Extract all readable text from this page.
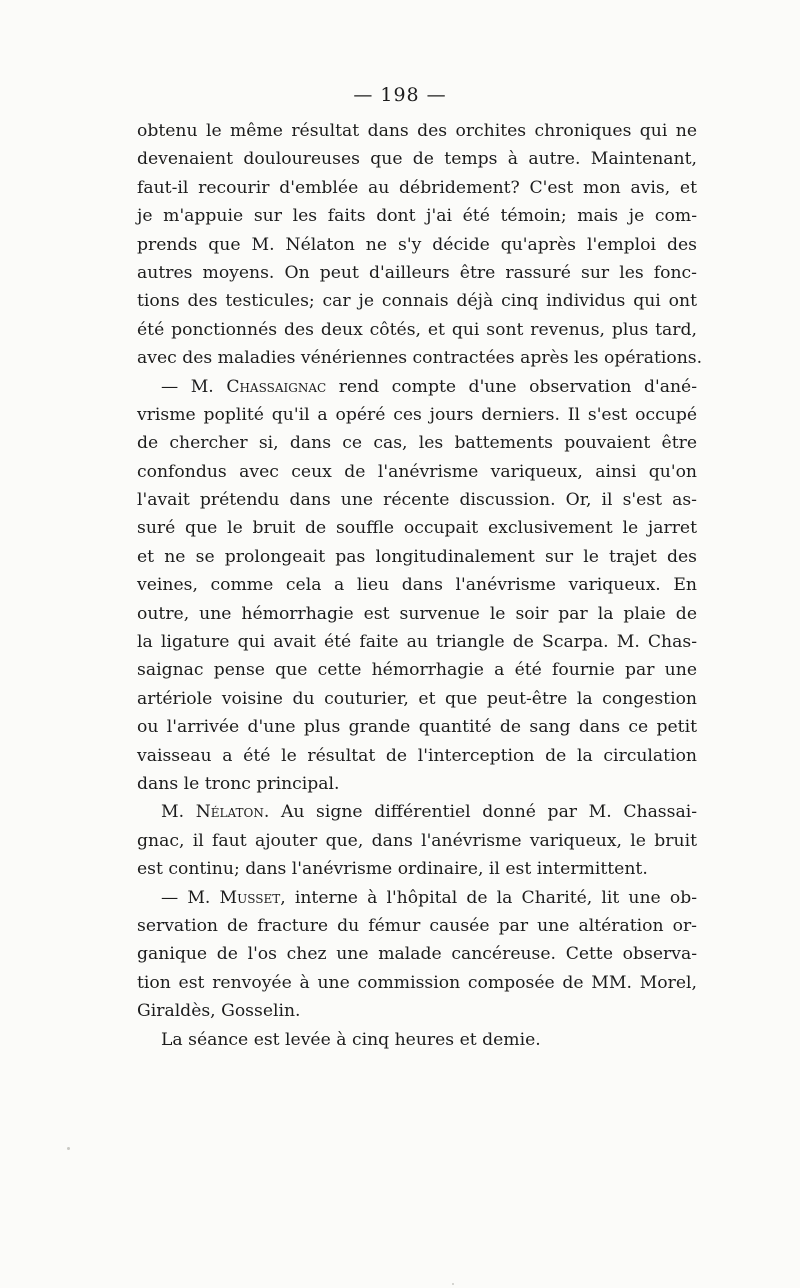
— 198 —
obtenu le même résultat dans des orchites chroniques qui ne
devenaient douloureuses que de temps à autre. Maintenant,
faut-il recourir d'emblée au débridement? C'est mon avis, et
je m'appuie sur les faits dont j'ai été témoin; mais je com-
prends que M. Nélaton ne s'y décide qu'après l'emploi des
autres moyens. On peut d'ailleurs être rassuré sur les fonc-
tions des testicules; car je connais déjà cinq individus qui ont
été ponctionnés des deux côtés, et qui sont revenus, plus tard,
avec des maladies vénériennes contractées après les opérations.
— M. Chassaignac rend compte d'une observation d'ané-
vrisme poplité qu'il a opéré ces jours derniers. Il s'est occupé
de chercher si, dans ce cas, les battements pouvaient être
confondus avec ceux de l'anévrisme variqueux, ainsi qu'on
l'avait prétendu dans une récente discussion. Or, il s'est as-
suré que le bruit de souffle occupait exclusivement le jarret
et ne se prolongeait pas longitudinalement sur le trajet des
veines, comme cela a lieu dans l'anévrisme variqueux. En
outre, une hémorrhagie est survenue le soir par la plaie de
la ligature qui avait été faite au triangle de Scarpa. M. Chas-
saignac pense que cette hémorrhagie a été fournie par une
artériole voisine du couturier, et que peut-être la congestion
ou l'arrivée d'une plus grande quantité de sang dans ce petit
vaisseau a été le résultat de l'interception de la circulation
dans le tronc principal.
M. Nélaton. Au signe différentiel donné par M. Chassai-
gnac, il faut ajouter que, dans l'anévrisme variqueux, le bruit
est continu; dans l'anévrisme ordinaire, il est intermittent.
— M. Musset, interne à l'hôpital de la Charité, lit une ob-
servation de fracture du fémur causée par une altération or-
ganique de l'os chez une malade cancéreuse. Cette observa-
tion est renvoyée à une commission composée de MM. Morel,
Giraldès, Gosselin.
La séance est levée à cinq heures et demie.
